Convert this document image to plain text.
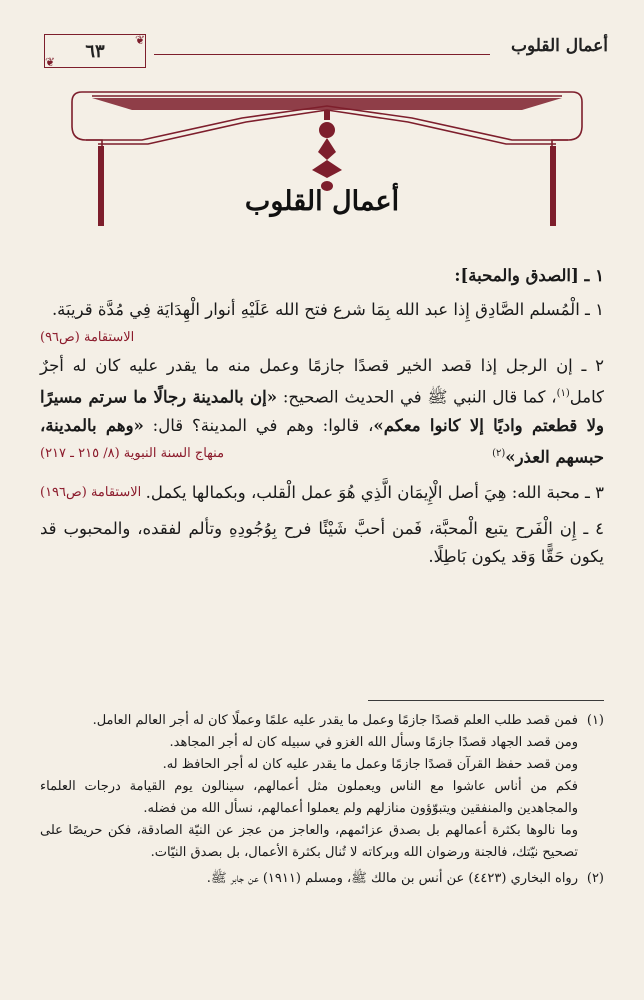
أعمال القلوب
❦
❦
٦٣
أعمال القلوب

١ ـ [الصدق والمحبة]:

١ ـ الْمُسلم الصَّادِق إِذا عبد الله بِمَا شرع فتح الله عَلَيْهِ أنوار الْهِدَايَة فِي مُدَّة قريبَة.
الاستقامة (ص٩٦)
٢ ـ إن الرجل إذا قصد الخير قصدًا جازمًا وعمل منه ما يقدر عليه كان له أجرٌ كامل$^{(١)}$، كما قال النبي ﷺ في الحديث الصحيح: «إن بالمدينة رجالًا ما سرتم مسيرًا ولا قطعتم واديًا إلا كانوا معكم»، قالوا: وهم في المدينة؟ قال: «وهم بالمدينة، حبسهم العذر»$^{(٢)}$
منهاج السنة النبوية (٨/ ٢١٥ ـ ٢١٧)
٣ ـ محبة الله: هِيَ أصل الْإِيمَان الَّذِي هُوَ عمل الْقلب، وبكمالها يكمل.
الاستقامة (ص١٩٦)
٤ ـ إِن الْفَرح يتبع الْمحبَّة، فَمن أحبَّ شَيْئًا فرح بِوُجُودِهِ وتألم لفقده، والمحبوب قد يكون حَقًّا وَقد يكون بَاطِلًا.
(١)

فمن قصد طلب العلم قصدًا جازمًا وعمل ما يقدر عليه علمًا وعملًا كان له أجر العالم العامل.

ومن قصد الجهاد قصدًا جازمًا وسأل الله الغزو في سبيله كان له أجر المجاهد.

ومن قصد حفظ القرآن قصدًا جازمًا وعمل ما يقدر عليه كان له أجر الحافظ له.

فكم من أناس عاشوا مع الناس ويعملون مثل أعمالهم، سينالون يوم القيامة درجات العلماء والمجاهدين والمنفقين ويتبوّؤون منازلهم ولم يعملوا أعمالهم، نسأل الله من فضله.

وما نالوها بكثرة أعمالهم بل بصدق عزائمهم، والعاجز من عجز عن النيّة الصادقة، فكن حريصًا على تصحيح نيّتك، فالجنة ورضوان الله وبركاته لا تُنال بكثرة الأعمال، بل بصدق النيّات.

(٢)

رواه البخاري (٤٤٢٣) عن أنس بن مالك ﷺ، ومسلم (١٩١١) عن جابر ﷺ.
